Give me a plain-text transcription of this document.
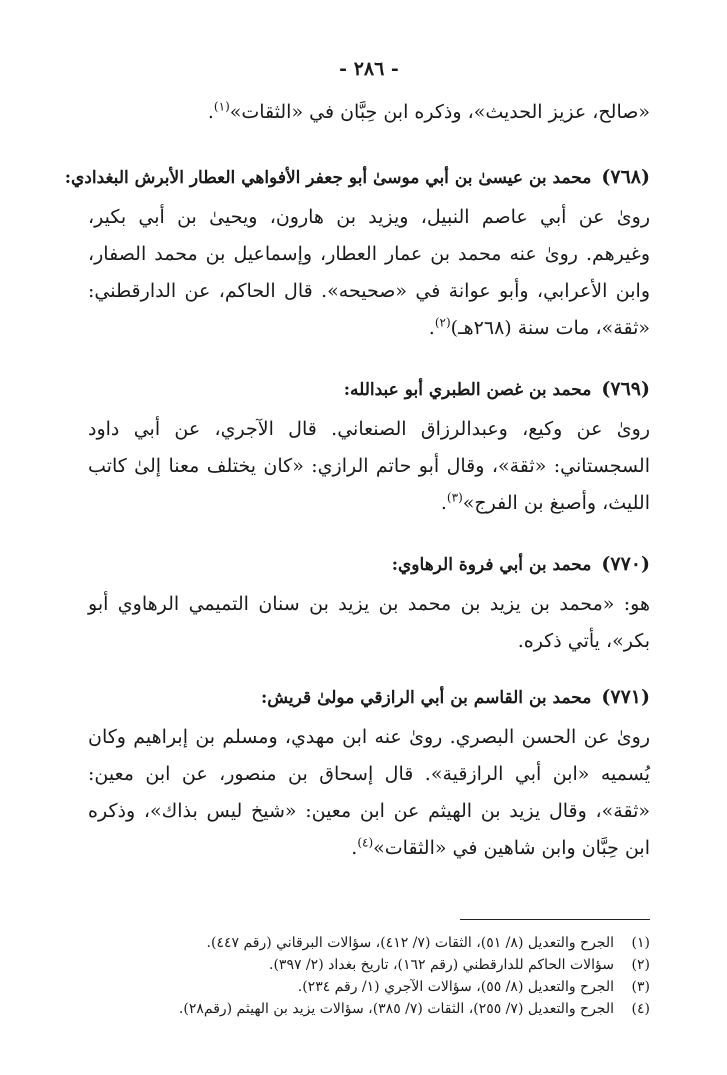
- ٢٨٦ -

«صالح، عزيز الحديث»، وذكره ابن حِبَّان في «الثقات»$^{(١)}$.

(٧٦٨)محمد بن عيسىٰ بن أبي موسىٰ أبو جعفر الأفواهي العطار الأبرش البغدادي:

رویٰ عن أبي عاصم النبيل، ويزيد بن هارون، ويحيىٰ بن أبي بكير، وغيرهم. رویٰ عنه محمد بن عمار العطار، وإسماعيل بن محمد الصفار، وابن الأعرابي، وأبو عوانة في «صحيحه». قال الحاكم، عن الدارقطني: «ثقة»، مات سنة (٢٦٨هـ)$^{(٢)}$.

(٧٦٩)محمد بن غصن الطبري أبو عبدالله:

رویٰ عن وكيع، وعبدالرزاق الصنعاني. قال الآجري، عن أبي داود السجستاني: «ثقة»، وقال أبو حاتم الرازي: «كان يختلف معنا إلىٰ كاتب الليث، وأصبغ بن الفرج»$^{(٣)}$.

(٧٧٠)محمد بن أبي فروة الرهاوي:

هو: «محمد بن يزيد بن محمد بن يزيد بن سنان التميمي الرهاوي أبو بكر»، يأتي ذكره.

(٧٧١)محمد بن القاسم بن أبي الرازقي مولىٰ قريش:

رویٰ عن الحسن البصري. رویٰ عنه ابن مهدي، ومسلم بن إبراهيم وكان يُسميه «ابن أبي الرازقية». قال إسحاق بن منصور، عن ابن معين: «ثقة»، وقال يزيد بن الهيثم عن ابن معين: «شيخ ليس بذاك»، وذكره ابن حِبَّان وابن شاهين في «الثقات»$^{(٤)}$.

(١)الجرح والتعديل (٨/ ٥١)، الثقات (٧/ ٤١٢)، سؤالات البرقاني (رقم ٤٤٧).
(٢)سؤالات الحاكم للدارقطني (رقم ١٦٢)، تاريخ بغداد (٢/ ٣٩٧).
(٣)الجرح والتعديل (٨/ ٥٥)، سؤالات الآجري (١/ رقم ٢٣٤).
(٤)الجرح والتعديل (٧/ ٢٥٥)، الثقات (٧/ ٣٨٥)، سؤالات يزيد بن الهيثم (رقم٢٨).
